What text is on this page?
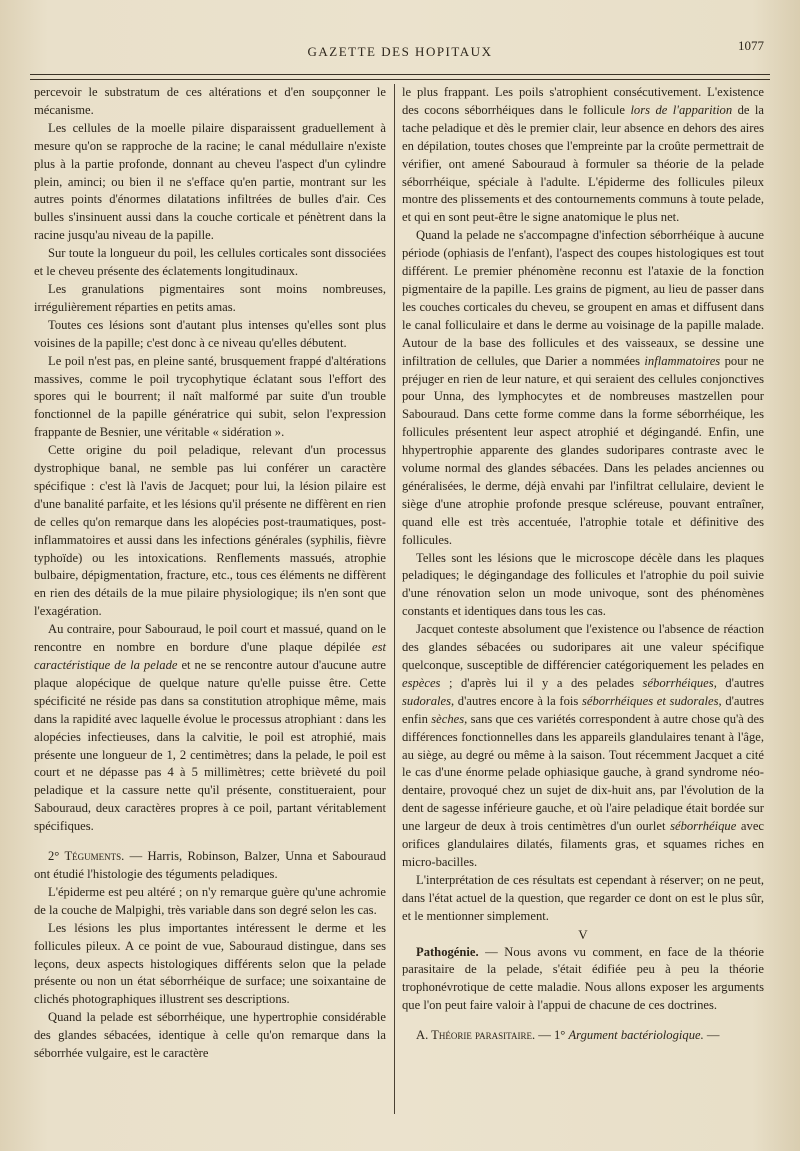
GAZETTE DES HOPITAUX	1077

percevoir le substratum de ces altérations et d'en soupçonner le mécanisme.

Les cellules de la moelle pilaire disparaissent graduellement à mesure qu'on se rapproche de la racine; le canal médullaire n'existe plus à la partie profonde, donnant au cheveu l'aspect d'un cylindre plein, aminci; ou bien il ne s'efface qu'en partie, montrant sur les autres points d'énormes dilatations infiltrées de bulles d'air. Ces bulles s'insinuent aussi dans la couche corticale et pénètrent dans la racine jusqu'au niveau de la papille.

Sur toute la longueur du poil, les cellules corticales sont dissociées et le cheveu présente des éclatements longitudinaux.

Les granulations pigmentaires sont moins nombreuses, irrégulièrement réparties en petits amas.

Toutes ces lésions sont d'autant plus intenses qu'elles sont plus voisines de la papille; c'est donc à ce niveau qu'elles débutent.

Le poil n'est pas, en pleine santé, brusquement frappé d'altérations massives, comme le poil trycophytique éclatant sous l'effort des spores qui le bourrent; il naît malformé par suite d'un trouble fonctionnel de la papille génératrice qui subit, selon l'expression frappante de Besnier, une véritable « sidération ».

Cette origine du poil peladique, relevant d'un processus dystrophique banal, ne semble pas lui conférer un caractère spécifique : c'est là l'avis de Jacquet; pour lui, la lésion pilaire est d'une banalité parfaite, et les lésions qu'il présente ne diffèrent en rien de celles qu'on remarque dans les alopécies post-traumatiques, post-inflammatoires et aussi dans les infections générales (syphilis, fièvre typhoïde) ou les intoxications. Renflements massués, atrophie bulbaire, dépigmentation, fracture, etc., tous ces éléments ne diffèrent en rien des détails de la mue pilaire physiologique; ils n'en sont que l'exagération.

Au contraire, pour Sabouraud, le poil court et massué, quand on le rencontre en nombre en bordure d'une plaque dépilée est caractéristique de la pelade et ne se rencontre autour d'aucune autre plaque alopécique de quelque nature qu'elle puisse être. Cette spécificité ne réside pas dans sa constitution atrophique même, mais dans la rapidité avec laquelle évolue le processus atrophiant : dans les alopécies infectieuses, dans la calvitie, le poil est atrophié, mais présente une longueur de 1, 2 centimètres; dans la pelade, le poil est court et ne dépasse pas 4 à 5 millimètres; cette brièveté du poil peladique et la cassure nette qu'il présente, constitueraient, pour Sabouraud, deux caractères propres à ce poil, partant véritablement spécifiques.

2° Téguments. — Harris, Robinson, Balzer, Unna et Sabouraud ont étudié l'histologie des téguments peladiques.

L'épiderme est peu altéré ; on n'y remarque guère qu'une achromie de la couche de Malpighi, très variable dans son degré selon les cas.

Les lésions les plus importantes intéressent le derme et les follicules pileux. A ce point de vue, Sabouraud distingue, dans ses leçons, deux aspects histologiques différents selon que la pelade présente ou non un état séborrhéique de surface; une soixantaine de clichés photographiques illustrent ses descriptions.

Quand la pelade est séborrhéique, une hypertrophie considérable des glandes sébacées, identique à celle qu'on remarque dans la séborrhée vulgaire, est le caractère

le plus frappant. Les poils s'atrophient consécutivement. L'existence des cocons séborrhéiques dans le follicule lors de l'apparition de la tache peladique et dès le premier clair, leur absence en dehors des aires en dépilation, toutes choses que l'empreinte par la croûte permettrait de vérifier, ont amené Sabouraud à formuler sa théorie de la pelade séborrhéique, spéciale à l'adulte. L'épiderme des follicules pileux montre des plissements et des contournements communs à toute pelade, et qui en sont peut-être le signe anatomique le plus net.

Quand la pelade ne s'accompagne d'infection séborrhéique à aucune période (ophiasis de l'enfant), l'aspect des coupes histologiques est tout différent. Le premier phénomène reconnu est l'ataxie de la fonction pigmentaire de la papille. Les grains de pigment, au lieu de passer dans les couches corticales du cheveu, se groupent en amas et diffusent dans le canal folliculaire et dans le derme au voisinage de la papille malade. Autour de la base des follicules et des vaisseaux, se dessine une infiltration de cellules, que Darier a nommées inflammatoires pour ne préjuger en rien de leur nature, et qui seraient des cellules conjonctives pour Unna, des lymphocytes et de nombreuses mastzellen pour Sabouraud. Dans cette forme comme dans la forme séborrhéique, les follicules présentent leur aspect atrophié et dégingandé. Enfin, une hhypertrophie apparente des glandes sudoripares contraste avec le volume normal des glandes sébacées. Dans les pelades anciennes ou généralisées, le derme, déjà envahi par l'infiltrat cellulaire, devient le siège d'une atrophie profonde presque scléreuse, pouvant entraîner, quand elle est très accentuée, l'atrophie totale et définitive des follicules.

Telles sont les lésions que le microscope décèle dans les plaques peladiques; le dégingandage des follicules et l'atrophie du poil suivie d'une rénovation selon un mode univoque, sont des phénomènes constants et identiques dans tous les cas.

Jacquet conteste absolument que l'existence ou l'absence de réaction des glandes sébacées ou sudoripares ait une valeur spécifique quelconque, susceptible de différencier catégoriquement les pelades en espèces ; d'après lui il y a des pelades séborrhéiques, d'autres sudorales, d'autres encore à la fois séborrhéiques et sudorales, d'autres enfin sèches, sans que ces variétés correspondent à autre chose qu'à des différences fonctionnelles dans les appareils glandulaires tenant à l'âge, au siège, au degré ou même à la saison. Tout récemment Jacquet a cité le cas d'une énorme pelade ophiasique gauche, à grand syndrome néo-dentaire, provoqué chez un sujet de dix-huit ans, par l'évolution de la dent de sagesse inférieure gauche, et où l'aire peladique était bordée sur une largeur de deux à trois centimètres d'un ourlet séborrhéique avec orifices glandulaires dilatés, filaments gras, et squames riches en micro-bacilles.

L'interprétation de ces résultats est cependant à réserver; on ne peut, dans l'état actuel de la question, que regarder ce dont on est le plus sûr, et le mentionner simplement.

V

Pathogénie. — Nous avons vu comment, en face de la théorie parasitaire de la pelade, s'était édifiée peu à peu la théorie trophonévrotique de cette maladie. Nous allons exposer les arguments que l'on peut faire valoir à l'appui de chacune de ces doctrines.

A. Théorie parasitaire. — 1° Argument bactériologique. —
